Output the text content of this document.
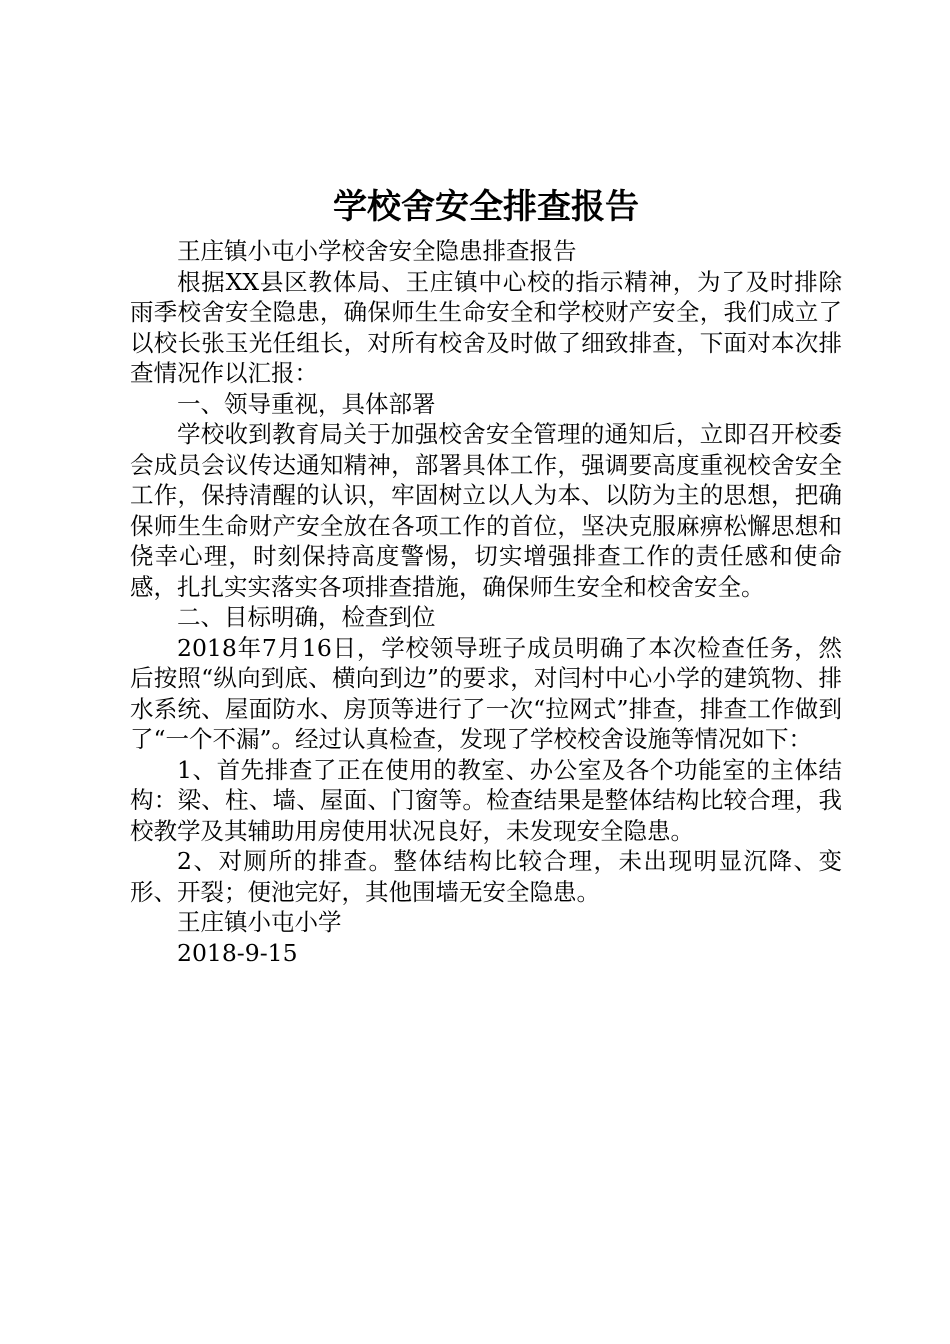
学校舍安全排查报告

王庄镇小屯小学校舍安全隐患排查报告

根据XX县区教体局、王庄镇中心校的指示精神，为了及时排除雨季校舍安全隐患，确保师生生命安全和学校财产安全，我们成立了以校长张玉光任组长，对所有校舍及时做了细致排查，下面对本次排查情况作以汇报：

一、领导重视，具体部署

学校收到教育局关于加强校舍安全管理的通知后，立即召开校委会成员会议传达通知精神，部署具体工作，强调要高度重视校舍安全工作，保持清醒的认识，牢固树立以人为本、以防为主的思想，把确保师生生命财产安全放在各项工作的首位，坚决克服麻痹松懈思想和侥幸心理，时刻保持高度警惕，切实增强排查工作的责任感和使命感，扎扎实实落实各项排查措施，确保师生安全和校舍安全。

二、目标明确，检查到位

2018年7月16日，学校领导班子成员明确了本次检查任务，然后按照“纵向到底、横向到边”的要求，对闫村中心小学的建筑物、排水系统、屋面防水、房顶等进行了一次“拉网式”排查，排查工作做到了“一个不漏”。经过认真检查，发现了学校校舍设施等情况如下：

1、首先排查了正在使用的教室、办公室及各个功能室的主体结构：梁、柱、墙、屋面、门窗等。检查结果是整体结构比较合理，我校教学及其辅助用房使用状况良好，未发现安全隐患。

2、对厕所的排查。整体结构比较合理，未出现明显沉降、变形、开裂；便池完好，其他围墙无安全隐患。

王庄镇小屯小学

2018-9-15
